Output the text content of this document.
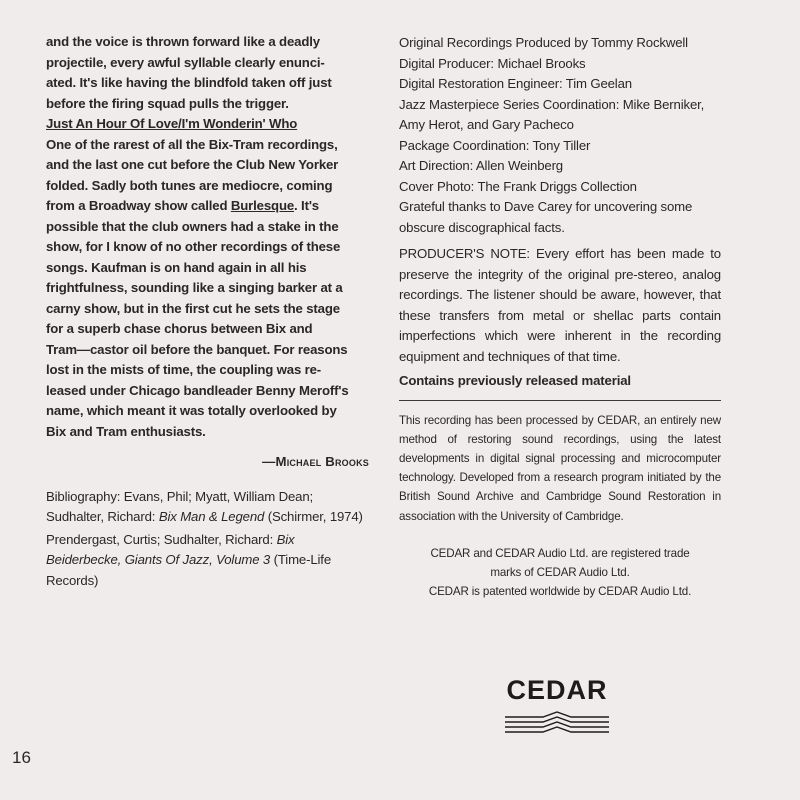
and the voice is thrown forward like a deadly

projectile, every awful syllable clearly enunci-

ated. It's like having the blindfold taken off just

before the firing squad pulls the trigger.

Just An Hour Of Love/I'm Wonderin' Who

One of the rarest of all the Bix-Tram recordings,

and the last one cut before the Club New Yorker

folded. Sadly both tunes are mediocre, coming

from a Broadway show called Burlesque. It's

possible that the club owners had a stake in the

show, for I know of no other recordings of these

songs. Kaufman is on hand again in all his

frightfulness, sounding like a singing barker at a

carny show, but in the first cut he sets the stage

for a superb chase chorus between Bix and

Tram—castor oil before the banquet. For reasons

lost in the mists of time, the coupling was re-

leased under Chicago bandleader Benny Meroff's

name, which meant it was totally overlooked by

Bix and Tram enthusiasts.

—Michael Brooks

Bibliography: Evans, Phil; Myatt, William Dean; Sudhalter, Richard: Bix Man & Legend (Schirmer, 1974)

Prendergast, Curtis; Sudhalter, Richard: Bix Beiderbecke, Giants Of Jazz, Volume 3 (Time-Life Records)

Original Recordings Produced by Tommy Rockwell

Digital Producer: Michael Brooks

Digital Restoration Engineer: Tim Geelan

Jazz Masterpiece Series Coordination: Mike Berniker,

Amy Herot, and Gary Pacheco

Package Coordination: Tony Tiller

Art Direction: Allen Weinberg

Cover Photo: The Frank Driggs Collection

Grateful thanks to Dave Carey for uncovering some

obscure discographical facts.

PRODUCER'S NOTE: Every effort has been made to preserve the integrity of the original pre-stereo, analog recordings. The listener should be aware, however, that these transfers from metal or shellac parts contain imperfections which were inherent in the recording equipment and techniques of that time.

Contains previously released material

This recording has been processed by CEDAR, an entirely new method of restoring sound recordings, using the latest developments in digital signal processing and microcomputer technology. Developed from a research program initiated by the British Sound Archive and Cambridge Sound Restoration in association with the University of Cambridge.

CEDAR and CEDAR Audio Ltd. are registered trade

marks of CEDAR Audio Ltd.

CEDAR is patented worldwide by CEDAR Audio Ltd.

CEDAR
16
